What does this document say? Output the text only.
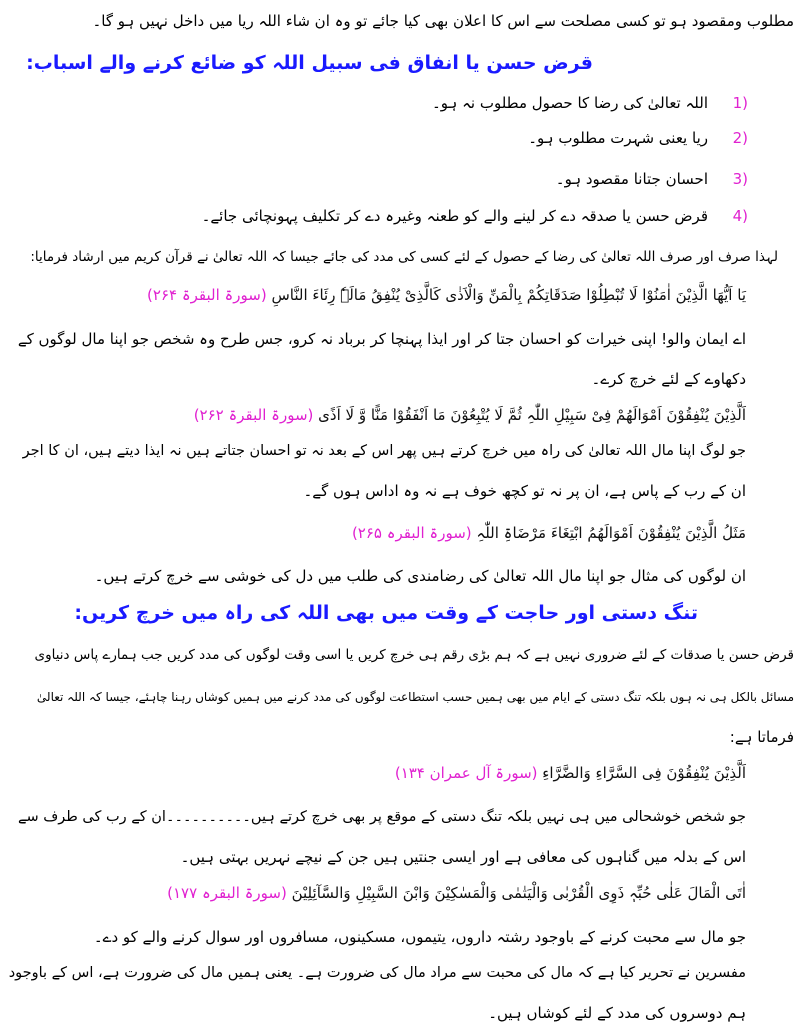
مطلوب ومقصود ہو تو کسی مصلحت سے اس کا اعلان بھی کیا جائے تو وہ ان شاء اللہ ریا میں داخل نہیں ہو گا۔
قرض حسن یا انفاق فی سبیل اللہ کو ضائع کرنے والے اسباب:
1)
اللہ تعالیٰ کی رضا کا حصول مطلوب نہ ہو۔
2)
ریا یعنی شہرت مطلوب ہو۔
3)
احسان جتانا مقصود ہو۔
4)
قرض حسن یا صدقہ دے کر لینے والے کو طعنہ وغیرہ دے کر تکلیف پہونچائی جائے۔
لہذا صرف اور صرف اللہ تعالیٰ کی رضا کے حصول کے لئے کسی کی مدد کی جائے جیسا کہ اللہ تعالیٰ نے قرآن کریم میں ارشاد فرمایا:
یَا اَیُّھَا الَّذِیْنَ اٰمَنُوْا لَا تُبْطِلُوْا صَدَقَاتِکُمْ بِالْمَنِّ وَالْاَذٰی کَالَّذِیْ یُنْفِقُ مَالَہٗ رِئَاءَ النَّاسِ (سورۃ البقرۃ ۲۶۴)
اے ایمان والو! اپنی خیرات کو احسان جتا کر اور ایذا پہنچا کر برباد نہ کرو، جس طرح وہ شخص جو اپنا مال لوگوں کے
دکھاوے کے لئے خرچ کرے۔
اَلَّذِیْنَ یُنْفِقُوْنَ اَمْوَالَھُمْ فِیْ سَبِیْلِ اللّٰہِ ثُمَّ لَا یُتْبِعُوْنَ مَا اَنْفَقُوْا مَنًّا وَّ لَا اَذًی (سورۃ البقرۃ ۲۶۲)
جو لوگ اپنا مال اللہ تعالیٰ کی راہ میں خرچ کرتے ہیں پھر اس کے بعد نہ تو احسان جتاتے ہیں نہ ایذا دیتے ہیں، ان کا اجر
ان کے رب کے پاس ہے، ان پر نہ تو کچھ خوف ہے نہ وہ اداس ہوں گے۔
مَثَلُ الَّذِیْنَ یُنْفِقُوْنَ اَمْوَالَھُمُ ابْتِغَاءَ مَرْضَاۃِ اللّٰہِ (سورۃ البقرہ ۲۶۵)
ان لوگوں کی مثال جو اپنا مال اللہ تعالیٰ کی رضامندی کی طلب میں دل کی خوشی سے خرچ کرتے ہیں۔
تنگ دستی اور حاجت کے وقت میں بھی اللہ کی راہ میں خرچ کریں:
قرض حسن یا صدقات کے لئے ضروری نہیں ہے کہ ہم بڑی رقم ہی خرچ کریں یا اسی وقت لوگوں کی مدد کریں جب ہمارے پاس دنیاوی
مسائل بالکل ہی نہ ہوں بلکہ تنگ دستی کے ایام میں بھی ہمیں حسب استطاعت لوگوں کی مدد کرنے میں ہمیں کوشاں رہنا چاہئے، جیسا کہ اللہ تعالیٰ
فرماتا ہے:
اَلَّذِیْنَ یُنْفِقُوْنَ فِی السَّرَّاءِ وَالضَّرَّاءِ (سورۃ آل عمران ۱۳۴)
جو شخص خوشحالی میں ہی نہیں بلکہ تنگ دستی کے موقع پر بھی خرچ کرتے ہیں۔۔۔۔۔۔۔۔۔۔ان کے رب کی طرف سے
اس کے بدلہ میں گناہوں کی معافی ہے اور ایسی جنتیں ہیں جن کے نیچے نہریں بہتی ہیں۔
اٰتَی الْمَالَ عَلٰی حُبِّہٖ ذَوِی الْقُرْبٰی وَالْیَتٰمٰی وَالْمَسٰکِیْنَ وَابْنَ السَّبِیْلِ وَالسَّآئِلِیْنَ (سورۃ البقرہ ۱۷۷)
جو مال سے محبت کرنے کے باوجود رشتہ داروں، یتیموں، مسکینوں، مسافروں اور سوال کرنے والے کو دے۔
مفسرین نے تحریر کیا ہے کہ مال کی محبت سے مراد مال کی ضرورت ہے۔ یعنی ہمیں مال کی ضرورت ہے، اس کے باوجود
ہم دوسروں کی مدد کے لئے کوشاں ہیں۔
